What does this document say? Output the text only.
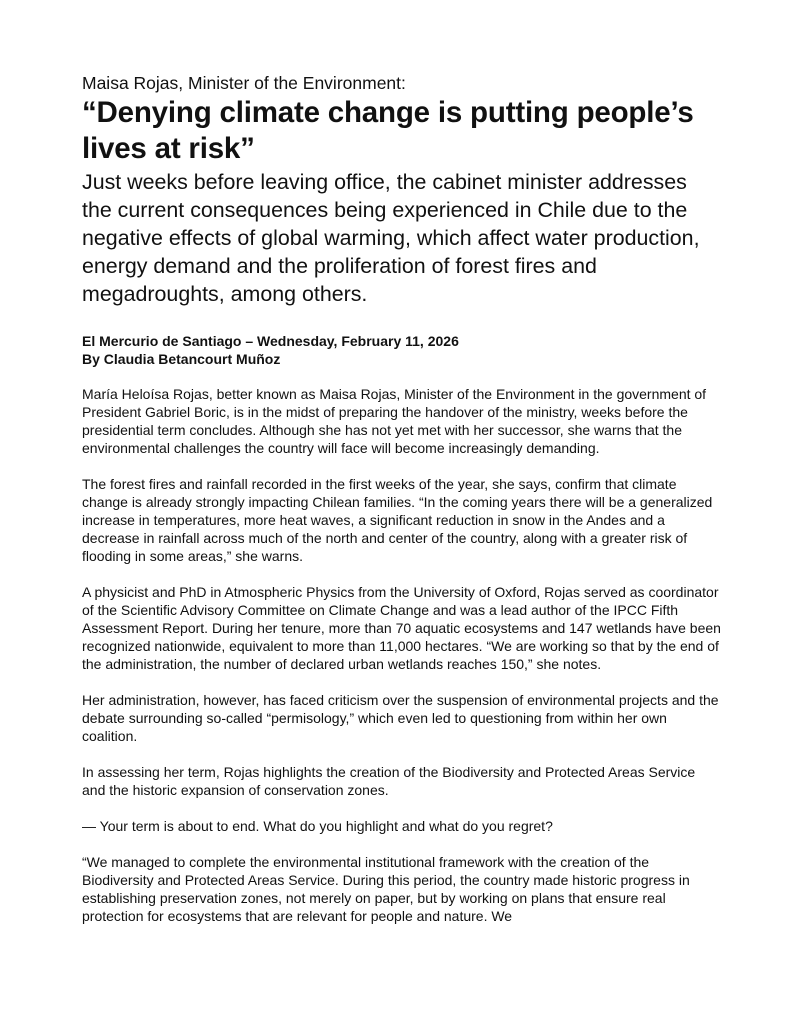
Maisa Rojas, Minister of the Environment:

“Denying climate change is putting people’s lives at risk”

Just weeks before leaving office, the cabinet minister addresses the current consequences being experienced in Chile due to the negative effects of global warming, which affect water production, energy demand and the proliferation of forest fires and megadroughts, among others.

El Mercurio de Santiago – Wednesday, February 11, 2026
By Claudia Betancourt Muñoz

María Heloísa Rojas, better known as Maisa Rojas, Minister of the Environment in the government of President Gabriel Boric, is in the midst of preparing the handover of the ministry, weeks before the presidential term concludes. Although she has not yet met with her successor, she warns that the environmental challenges the country will face will become increasingly demanding.

The forest fires and rainfall recorded in the first weeks of the year, she says, confirm that climate change is already strongly impacting Chilean families. “In the coming years there will be a generalized increase in temperatures, more heat waves, a significant reduction in snow in the Andes and a decrease in rainfall across much of the north and center of the country, along with a greater risk of flooding in some areas,” she warns.

A physicist and PhD in Atmospheric Physics from the University of Oxford, Rojas served as coordinator of the Scientific Advisory Committee on Climate Change and was a lead author of the IPCC Fifth Assessment Report. During her tenure, more than 70 aquatic ecosystems and 147 wetlands have been recognized nationwide, equivalent to more than 11,000 hectares. “We are working so that by the end of the administration, the number of declared urban wetlands reaches 150,” she notes.

Her administration, however, has faced criticism over the suspension of environmental projects and the debate surrounding so-called “permisology,” which even led to questioning from within her own coalition.

In assessing her term, Rojas highlights the creation of the Biodiversity and Protected Areas Service and the historic expansion of conservation zones.

— Your term is about to end. What do you highlight and what do you regret?

“We managed to complete the environmental institutional framework with the creation of the Biodiversity and Protected Areas Service. During this period, the country made historic progress in establishing preservation zones, not merely on paper, but by working on plans that ensure real protection for ecosystems that are relevant for people and nature. We
